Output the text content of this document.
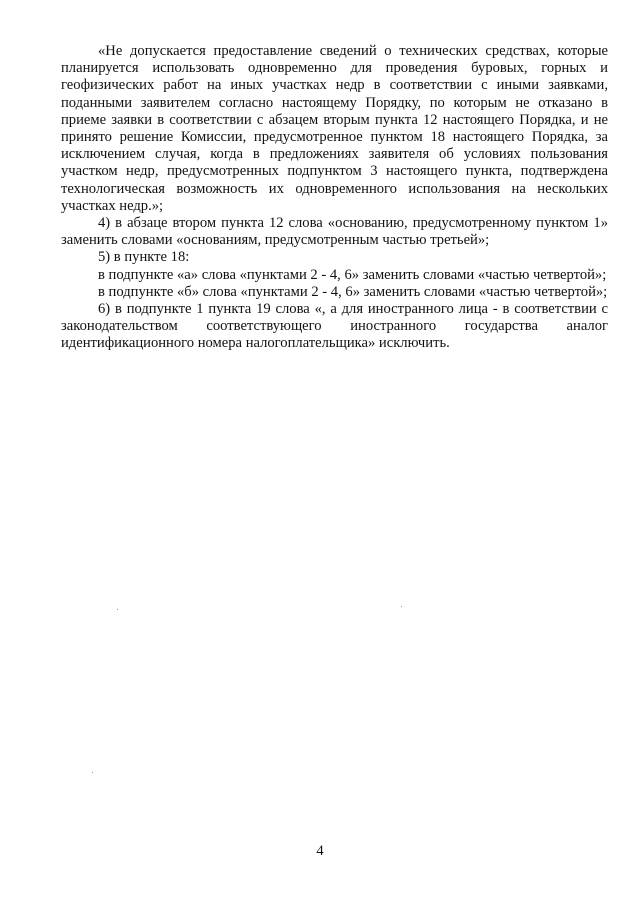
«Не допускается предоставление сведений о технических средствах, которые планируется использовать одновременно для проведения буровых, горных и геофизических работ на иных участках недр в соответствии с иными заявками, поданными заявителем согласно настоящему Порядку, по которым не отказано в приеме заявки в соответствии с абзацем вторым пункта 12 настоящего Порядка, и не принято решение Комиссии, предусмотренное пунктом 18 настоящего Порядка, за исключением случая, когда в предложениях заявителя об условиях пользования участком недр, предусмотренных подпунктом 3 настоящего пункта, подтверждена технологическая возможность их одновременного использования на нескольких участках недр.»;

4) в абзаце втором пункта 12 слова «основанию, предусмотренному пунктом 1» заменить словами «основаниям, предусмотренным частью третьей»;

5) в пункте 18:

в подпункте «а» слова «пунктами 2 - 4, 6» заменить словами «частью четвертой»;

в подпункте «б» слова «пунктами 2 - 4, 6» заменить словами «частью четвертой»;

6) в подпункте 1 пункта 19 слова «, а для иностранного лица - в соответствии с законодательством соответствующего иностранного государства аналог идентификационного номера налогоплательщика» исключить.

4
